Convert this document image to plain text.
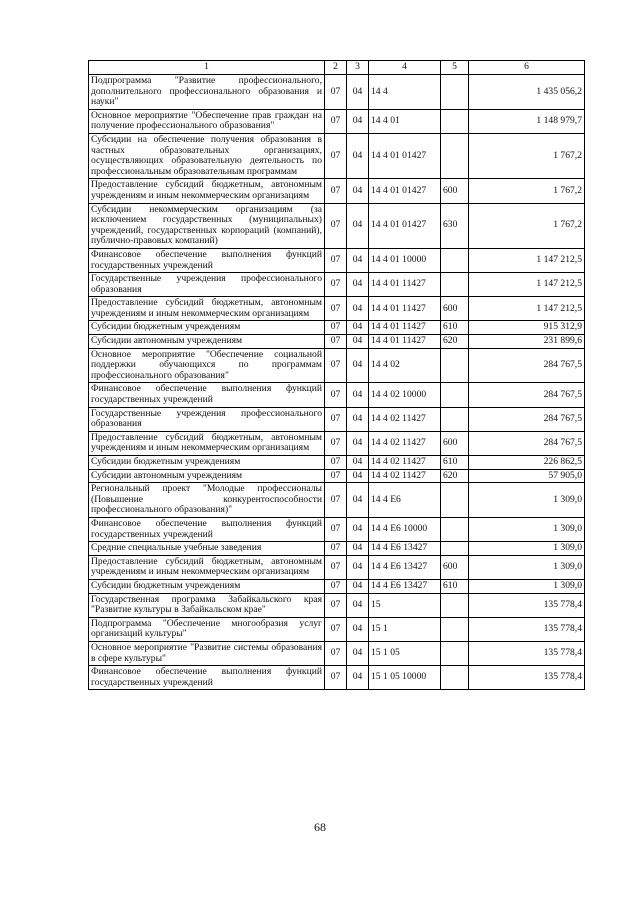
1	2	3	4	5	6
Подпрограмма "Развитие профессионального, дополнительного профессионального образования и науки"	07	04	14 4		1 435 056,2
Основное мероприятие "Обеспечение прав граждан на получение профессионального образования"	07	04	14 4 01		1 148 979,7
Субсидии на обеспечение получения образования в частных образовательных организациях, осуществляющих образовательную деятельность по профессиональным образовательным программам	07	04	14 4 01 01427		1 767,2
Предоставление субсидий бюджетным, автономным учреждениям и иным некоммерческим организациям	07	04	14 4 01 01427	600	1 767,2
Субсидии некоммерческим организациям (за исключением государственных (муниципальных) учреждений, государственных корпораций (компаний), публично-правовых компаний)	07	04	14 4 01 01427	630	1 767,2
Финансовое обеспечение выполнения функций государственных учреждений	07	04	14 4 01 10000		1 147 212,5
Государственные учреждения профессионального образования	07	04	14 4 01 11427		1 147 212,5
Предоставление субсидий бюджетным, автономным учреждениям и иным некоммерческим организациям	07	04	14 4 01 11427	600	1 147 212,5
Субсидии бюджетным учреждениям	07	04	14 4 01 11427	610	915 312,9
Субсидии автономным учреждениям	07	04	14 4 01 11427	620	231 899,6
Основное мероприятие "Обеспечение социальной поддержки обучающихся по программам профессионального образования"	07	04	14 4 02		284 767,5
Финансовое обеспечение выполнения функций государственных учреждений	07	04	14 4 02 10000		284 767,5
Государственные учреждения профессионального образования	07	04	14 4 02 11427		284 767,5
Предоставление субсидий бюджетным, автономным учреждениям и иным некоммерческим организациям	07	04	14 4 02 11427	600	284 767,5
Субсидии бюджетным учреждениям	07	04	14 4 02 11427	610	226 862,5
Субсидии автономным учреждениям	07	04	14 4 02 11427	620	57 905,0
Региональный проект "Молодые профессионалы (Повышение конкурентоспособности профессионального образования)"	07	04	14 4 E6		1 309,0
Финансовое обеспечение выполнения функций государственных учреждений	07	04	14 4 E6 10000		1 309,0
Средние специальные учебные заведения	07	04	14 4 E6 13427		1 309,0
Предоставление субсидий бюджетным, автономным учреждениям и иным некоммерческим организациям	07	04	14 4 E6 13427	600	1 309,0
Субсидии бюджетным учреждениям	07	04	14 4 E6 13427	610	1 309,0
Государственная программа Забайкальского края "Развитие культуры в Забайкальском крае"	07	04	15		135 778,4
Подпрограмма "Обеспечение многообразия услуг организаций культуры"	07	04	15 1		135 778,4
Основное мероприятие "Развитие системы образования в сфере культуры"	07	04	15 1 05		135 778,4
Финансовое обеспечение выполнения функций государственных учреждений	07	04	15 1 05 10000		135 778,4
68
